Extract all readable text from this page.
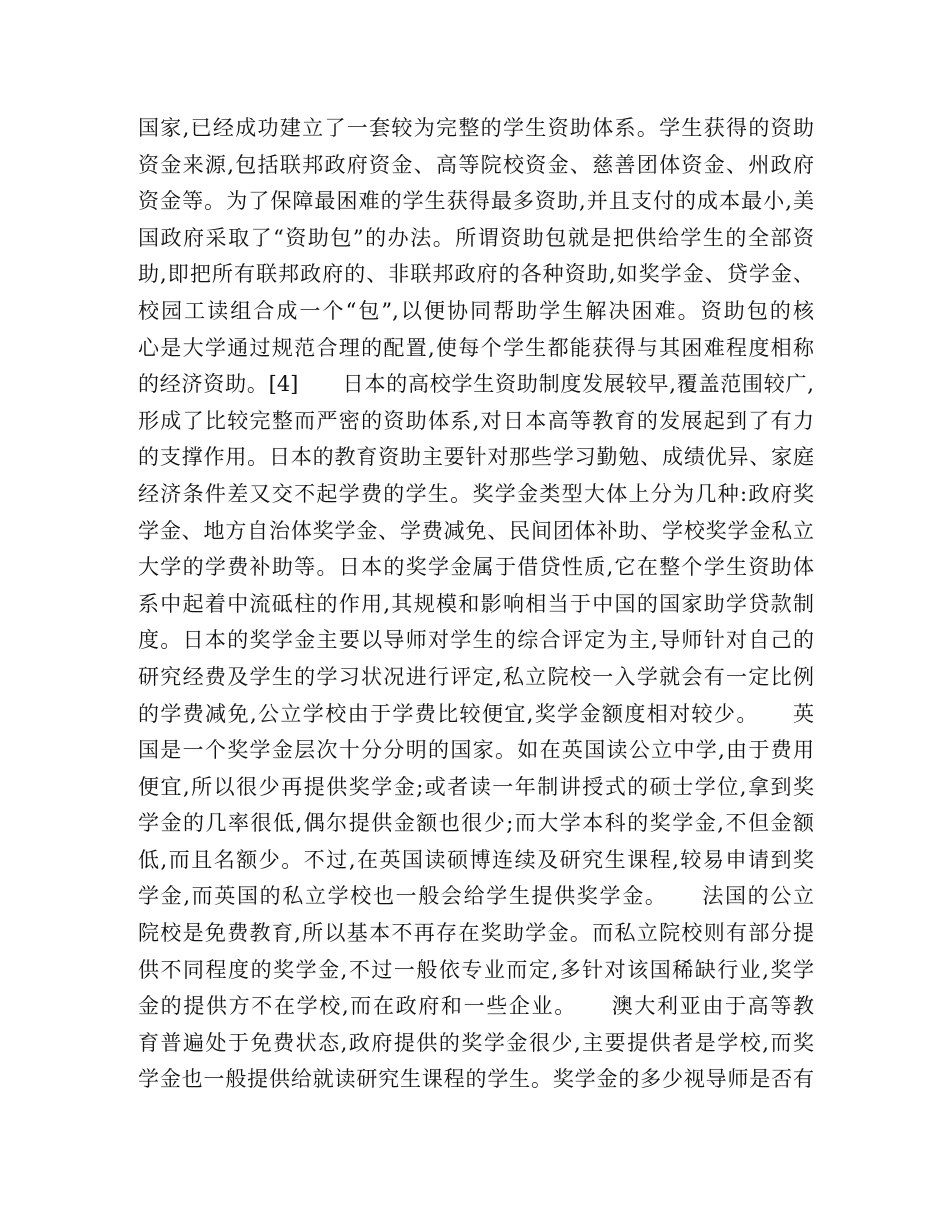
国家,已经成功建立了一套较为完整的学生资助体系。学生获得的资助
资金来源,包括联邦政府资金、高等院校资金、慈善团体资金、州政府
资金等。为了保障最困难的学生获得最多资助,并且支付的成本最小,美
国政府采取了“资助包”的办法。所谓资助包就是把供给学生的全部资
助,即把所有联邦政府的、非联邦政府的各种资助,如奖学金、贷学金、
校园工读组合成一个“包”,以便协同帮助学生解决困难。资助包的核
心是大学通过规范合理的配置,使每个学生都能获得与其困难程度相称
的经济资助。[4]　　日本的高校学生资助制度发展较早,覆盖范围较广,
形成了比较完整而严密的资助体系,对日本高等教育的发展起到了有力
的支撑作用。日本的教育资助主要针对那些学习勤勉、成绩优异、家庭
经济条件差又交不起学费的学生。奖学金类型大体上分为几种:政府奖
学金、地方自治体奖学金、学费减免、民间团体补助、学校奖学金私立
大学的学费补助等。日本的奖学金属于借贷性质,它在整个学生资助体
系中起着中流砥柱的作用,其规模和影响相当于中国的国家助学贷款制
度。日本的奖学金主要以导师对学生的综合评定为主,导师针对自己的
研究经费及学生的学习状况进行评定,私立院校一入学就会有一定比例
的学费减免,公立学校由于学费比较便宜,奖学金额度相对较少。　　英
国是一个奖学金层次十分分明的国家。如在英国读公立中学,由于费用
便宜,所以很少再提供奖学金;或者读一年制讲授式的硕士学位,拿到奖
学金的几率很低,偶尔提供金额也很少;而大学本科的奖学金,不但金额
低,而且名额少。不过,在英国读硕博连续及研究生课程,较易申请到奖
学金,而英国的私立学校也一般会给学生提供奖学金。　　法国的公立
院校是免费教育,所以基本不再存在奖助学金。而私立院校则有部分提
供不同程度的奖学金,不过一般依专业而定,多针对该国稀缺行业,奖学
金的提供方不在学校,而在政府和一些企业。　　澳大利亚由于高等教
育普遍处于免费状态,政府提供的奖学金很少,主要提供者是学校,而奖
学金也一般提供给就读研究生课程的学生。奖学金的多少视导师是否有
